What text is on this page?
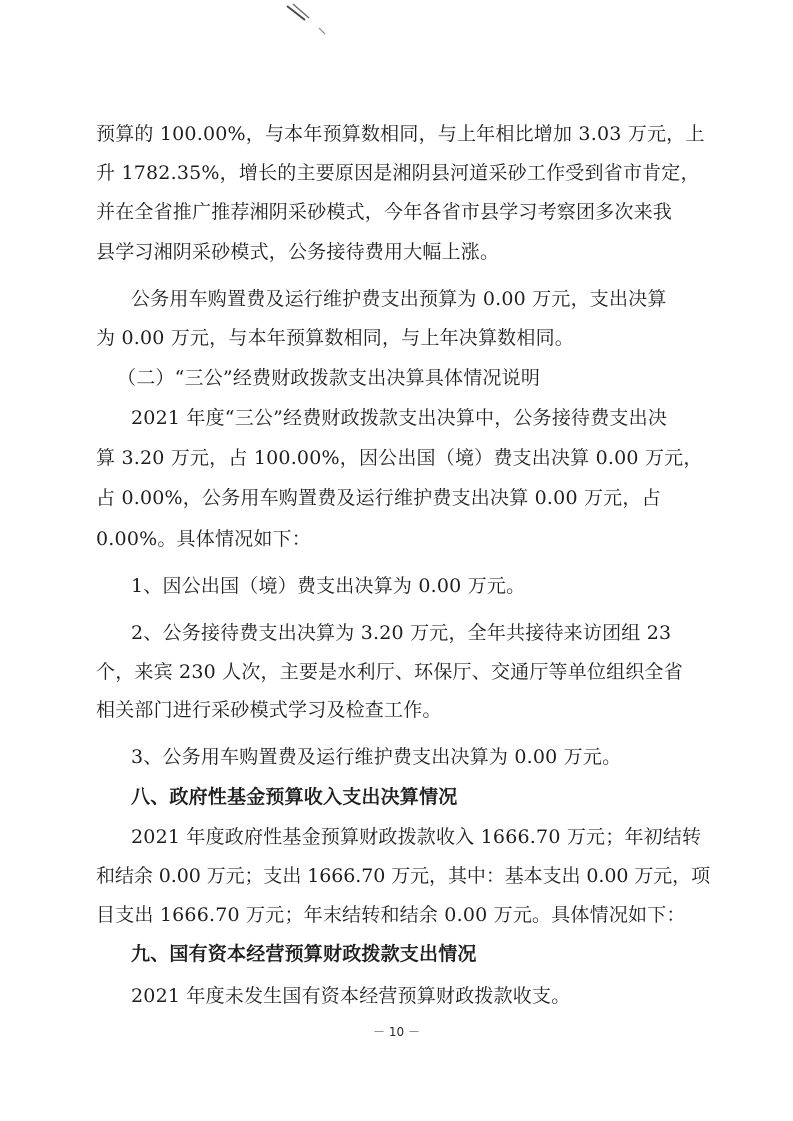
预算的 100.00%，与本年预算数相同，与上年相比增加 3.03 万元，上
升 1782.35%，增长的主要原因是湘阴县河道采砂工作受到省市肯定，
并在全省推广推荐湘阴采砂模式，今年各省市县学习考察团多次来我
县学习湘阴采砂模式，公务接待费用大幅上涨。
公务用车购置费及运行维护费支出预算为 0.00 万元，支出决算
为 0.00 万元，与本年预算数相同，与上年决算数相同。
（二）“三公”经费财政拨款支出决算具体情况说明
2021 年度“三公”经费财政拨款支出决算中，公务接待费支出决
算 3.20 万元，占 100.00%，因公出国（境）费支出决算 0.00 万元，
占 0.00%，公务用车购置费及运行维护费支出决算 0.00 万元，占
0.00%。具体情况如下：
1、因公出国（境）费支出决算为 0.00 万元。
2、公务接待费支出决算为 3.20 万元，全年共接待来访团组 23
个，来宾 230 人次，主要是水利厅、环保厅、交通厅等单位组织全省
相关部门进行采砂模式学习及检查工作。
3、公务用车购置费及运行维护费支出决算为 0.00 万元。
八、政府性基金预算收入支出决算情况
2021 年度政府性基金预算财政拨款收入 1666.70 万元；年初结转
和结余 0.00 万元；支出 1666.70 万元，其中：基本支出 0.00 万元，项
目支出 1666.70 万元；年末结转和结余 0.00 万元。具体情况如下：
九、国有资本经营预算财政拨款支出情况
2021 年度未发生国有资本经营预算财政拨款收支。
－ 10 －
